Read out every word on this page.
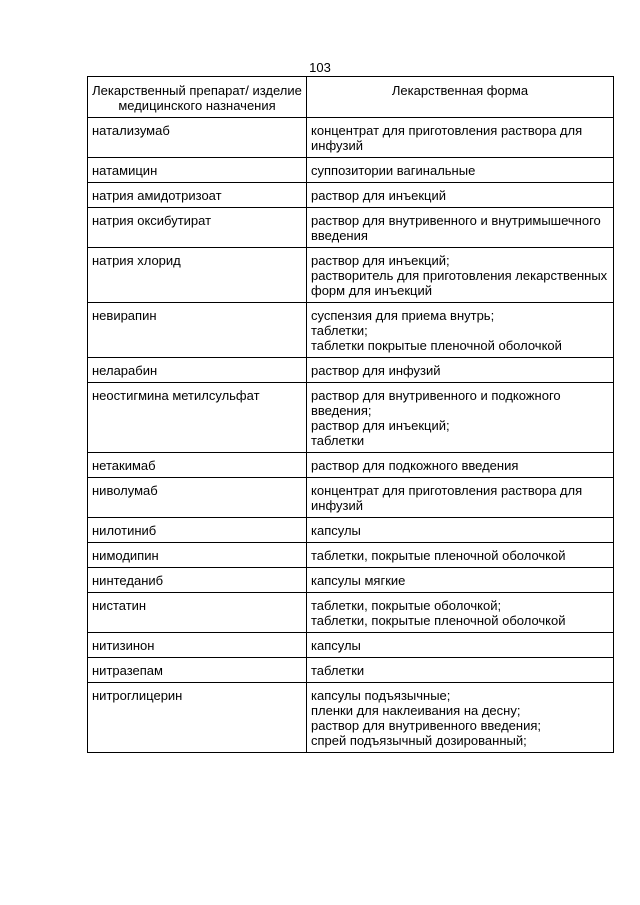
103
Лекарственный препарат/ изделие медицинского назначения	Лекарственная форма
натализумаб	концентрат для приготовления раствора для инфузий

натамицин	суппозитории вагинальные

натрия амидотризоат	раствор для инъекций

натрия оксибутират	раствор для внутривенного и внутримышечного введения

натрия хлорид	раствор для инъекций;
растворитель для приготовления лекарственных форм для инъекций

невирапин	суспензия для приема внутрь;
таблетки;
таблетки покрытые пленочной оболочкой

неларабин	раствор для инфузий

неостигмина метилсульфат	раствор для внутривенного и подкожного введения;
раствор для инъекций;
таблетки

нетакимаб	раствор для подкожного введения

ниволумаб	концентрат для приготовления раствора для инфузий

нилотиниб	капсулы

нимодипин	таблетки, покрытые пленочной оболочкой

нинтеданиб	капсулы мягкие

нистатин	таблетки, покрытые оболочкой;
таблетки, покрытые пленочной оболочкой

нитизинон	капсулы

нитразепам	таблетки

нитроглицерин	капсулы подъязычные;
пленки для наклеивания на десну;
раствор для внутривенного введения;
спрей подъязычный дозированный;
